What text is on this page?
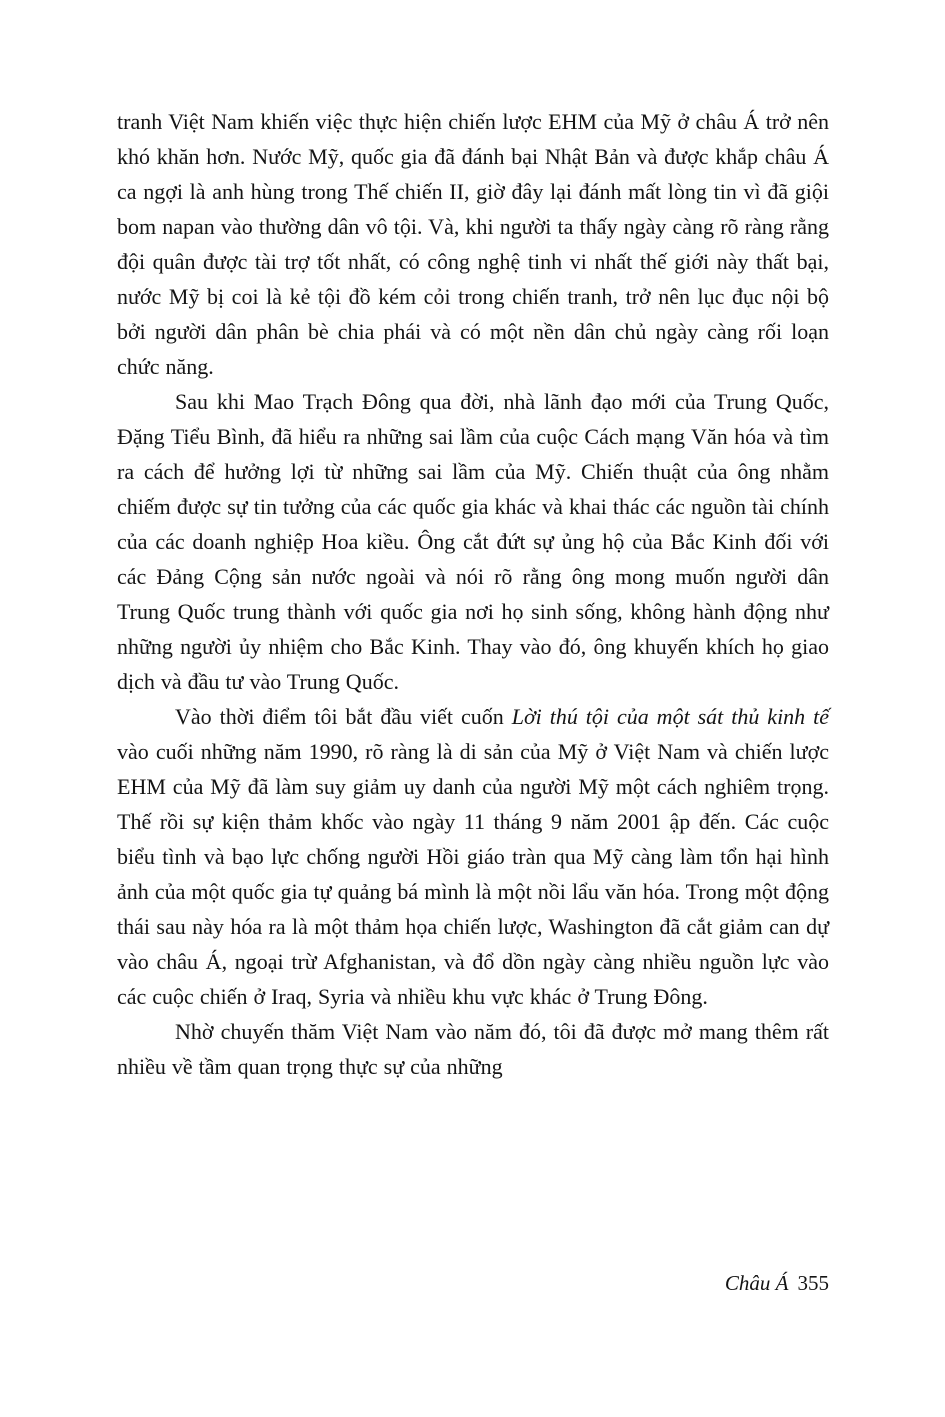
tranh Việt Nam khiến việc thực hiện chiến lược EHM của Mỹ ở châu Á trở nên khó khăn hơn. Nước Mỹ, quốc gia đã đánh bại Nhật Bản và được khắp châu Á ca ngợi là anh hùng trong Thế chiến II, giờ đây lại đánh mất lòng tin vì đã giội bom napan vào thường dân vô tội. Và, khi người ta thấy ngày càng rõ ràng rằng đội quân được tài trợ tốt nhất, có công nghệ tinh vi nhất thế giới này thất bại, nước Mỹ bị coi là kẻ tội đồ kém cỏi trong chiến tranh, trở nên lục đục nội bộ bởi người dân phân bè chia phái và có một nền dân chủ ngày càng rối loạn chức năng.

Sau khi Mao Trạch Đông qua đời, nhà lãnh đạo mới của Trung Quốc, Đặng Tiểu Bình, đã hiểu ra những sai lầm của cuộc Cách mạng Văn hóa và tìm ra cách để hưởng lợi từ những sai lầm của Mỹ. Chiến thuật của ông nhằm chiếm được sự tin tưởng của các quốc gia khác và khai thác các nguồn tài chính của các doanh nghiệp Hoa kiều. Ông cắt đứt sự ủng hộ của Bắc Kinh đối với các Đảng Cộng sản nước ngoài và nói rõ rằng ông mong muốn người dân Trung Quốc trung thành với quốc gia nơi họ sinh sống, không hành động như những người ủy nhiệm cho Bắc Kinh. Thay vào đó, ông khuyến khích họ giao dịch và đầu tư vào Trung Quốc.

Vào thời điểm tôi bắt đầu viết cuốn Lời thú tội của một sát thủ kinh tế vào cuối những năm 1990, rõ ràng là di sản của Mỹ ở Việt Nam và chiến lược EHM của Mỹ đã làm suy giảm uy danh của người Mỹ một cách nghiêm trọng. Thế rồi sự kiện thảm khốc vào ngày 11 tháng 9 năm 2001 ập đến. Các cuộc biểu tình và bạo lực chống người Hồi giáo tràn qua Mỹ càng làm tổn hại hình ảnh của một quốc gia tự quảng bá mình là một nồi lẩu văn hóa. Trong một động thái sau này hóa ra là một thảm họa chiến lược, Washington đã cắt giảm can dự vào châu Á, ngoại trừ Afghanistan, và đổ dồn ngày càng nhiều nguồn lực vào các cuộc chiến ở Iraq, Syria và nhiều khu vực khác ở Trung Đông.

Nhờ chuyến thăm Việt Nam vào năm đó, tôi đã được mở mang thêm rất nhiều về tầm quan trọng thực sự của những

Châu Á 355
